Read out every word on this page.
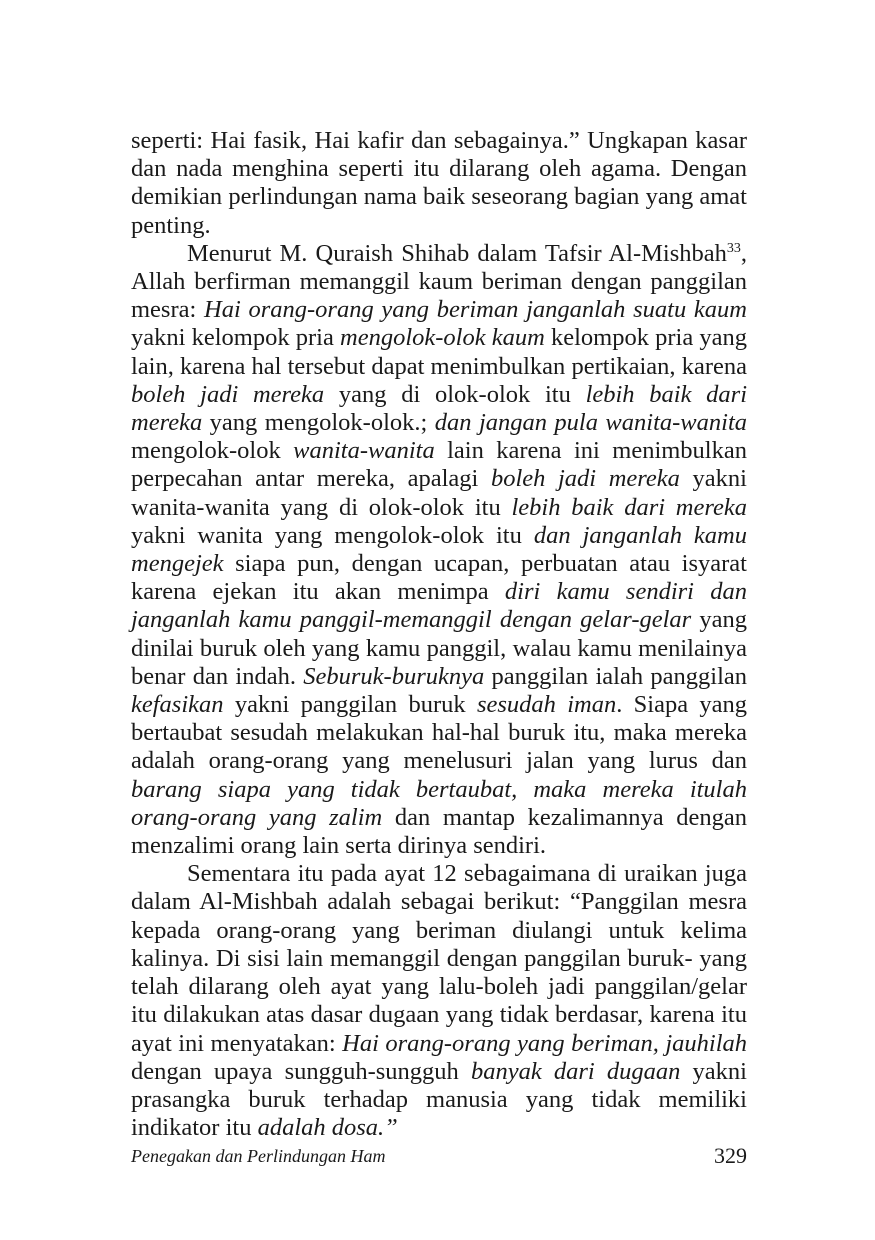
seperti: Hai fasik, Hai kafir dan sebagainya.” Ungkapan kasar dan nada menghina seperti itu dilarang oleh agama. Dengan demikian perlindungan nama baik seseorang bagian yang amat penting.

Menurut M. Quraish Shihab dalam Tafsir Al-Mishbah$^{33}$, Allah berfirman memanggil kaum beriman dengan panggilan mesra: Hai orang-orang yang beriman janganlah suatu kaum yakni kelompok pria mengolok-olok kaum kelompok pria yang lain, karena hal tersebut dapat menimbulkan pertikaian, karena boleh jadi mereka yang di olok-olok itu lebih baik dari mereka yang mengolok-olok.; dan jangan pula wanita-wanita mengolok-olok wanita-wanita lain karena ini menimbulkan perpecahan antar mereka, apalagi boleh jadi mereka yakni wanita-wanita yang di olok-olok itu lebih baik dari mereka yakni wanita yang mengolok-olok itu dan janganlah kamu mengejek siapa pun, dengan ucapan, perbuatan atau isyarat karena ejekan itu akan menimpa diri kamu sendiri dan janganlah kamu panggil-memanggil dengan gelar-gelar yang dinilai buruk oleh yang kamu panggil, walau kamu menilainya benar dan indah. Seburuk-buruknya panggilan ialah panggilan kefasikan yakni panggilan buruk sesudah iman. Siapa yang bertaubat sesudah melakukan hal-hal buruk itu, maka mereka adalah orang-orang yang menelusuri jalan yang lurus dan barang siapa yang tidak bertaubat, maka mereka itulah orang-orang yang zalim dan mantap kezalimannya dengan menzalimi orang lain serta dirinya sendiri.

Sementara itu pada ayat 12 sebagaimana di uraikan juga dalam Al-Mishbah adalah sebagai berikut: “Panggilan mesra kepada orang-orang yang beriman diulangi untuk kelima kalinya. Di sisi lain memanggil dengan panggilan buruk- yang telah dilarang oleh ayat yang lalu-boleh jadi panggilan/gelar itu dilakukan atas dasar dugaan yang tidak berdasar, karena itu ayat ini menyatakan: Hai orang-orang yang beriman, jauhilah dengan upaya sungguh-sungguh banyak dari dugaan yakni prasangka buruk terhadap manusia yang tidak memiliki indikator itu adalah dosa.”

Penegakan dan Perlindungan Ham	329
